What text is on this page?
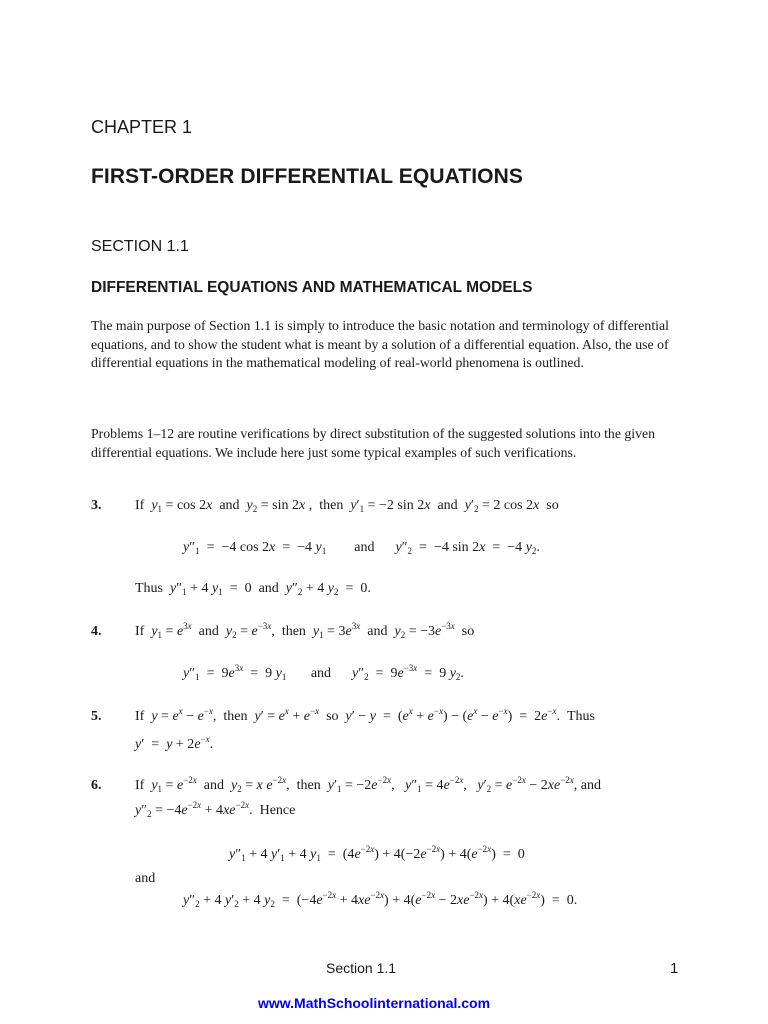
CHAPTER 1
FIRST-ORDER DIFFERENTIAL EQUATIONS
SECTION 1.1
DIFFERENTIAL EQUATIONS AND MATHEMATICAL MODELS
The main purpose of Section 1.1 is simply to introduce the basic notation and terminology of differential equations, and to show the student what is meant by a solution of a differential equation. Also, the use of differential equations in the mathematical modeling of real-world phenomena is outlined.
Problems 1–12 are routine verifications by direct substitution of the suggested solutions into the given differential equations. We include here just some typical examples of such verifications.
3. If $y_1 = \cos 2x$ and $y_2 = \sin 2x$ ,  then $y'_1 = -2$ sin 2x and $y'_2 = 2$ cos 2x so
$y''_1 = -4$ cos 2x  =  −4 $y_1$        and      $y''_2 = -4$ sin 2x  =  −4 $y_2$.
Thus $y''_1 + 4$ $y_1 = 0$  and  $y''_2 + 4$ $y_2 = 0$.
4. If $y_1 = e^{3x}$ and $y_2 = e^{-3x}$,  then $y_1 = 3e^{3x}$ and $y_2 = -3e^{-3x}$ so
$y''_1 = 9e^{3x} = 9$ $y_1$       and      $y''_2 = 9e^{-3x} = 9$ $y_2$.
5. If $y = e^x - e^{-x}$,  then $y' = e^x + e^{-x}$ so $y' - y = (e^x + e^{-x}) - (e^x - e^{-x}) = 2e^{-x}$.  Thus
$y' = y + 2e^{-x}$.
6. If $y_1 = e^{-2x}$ and $y_2 = x$ $e^{-2x}$,  then $y'_1 = -2e^{-2x}$,   $y''_1 = 4e^{-2x}$,   $y'_2 = e^{-2x} - 2xe^{-2x}$, and
$y''_2 = -4e^{-2x} + 4xe^{-2x}$.  Hence
$y''_1 + 4$ $y'_1 + 4$ $y_1 = (4e^{-2x}) + 4(-2e^{-2x}) + 4(e^{-2x}) = 0$
and
$y''_2 + 4$ $y'_2 + 4$ $y_2 = (-4e^{-2x} + 4xe^{-2x}) + 4(e^{-2x} - 2xe^{-2x}) + 4(xe^{-2x}) = 0$.
Section 1.1	1
www.MathSchoolinternational.com
